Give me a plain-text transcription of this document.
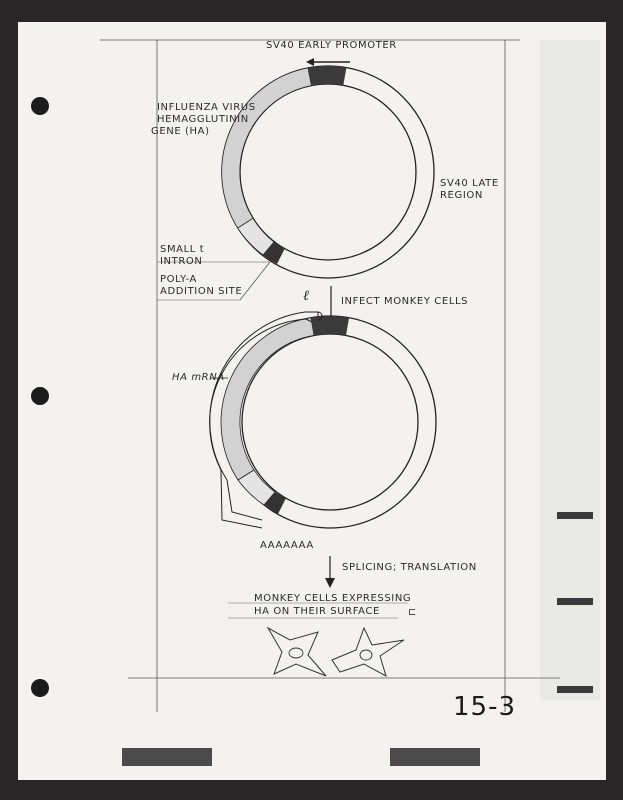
ℓ
⊏
SV40 EARLY PROMOTER
INFLUENZA VIRUS
HEMAGGLUTININ
GENE (HA)
SV40 LATE
REGION
SMALL t
INTRON
POLY-A
ADDITION SITE
INFECT MONKEY CELLS
HA mRNA
AAAAAAA
SPLICING; TRANSLATION
MONKEY CELLS EXPRESSING
HA ON THEIR SURFACE
15-3
